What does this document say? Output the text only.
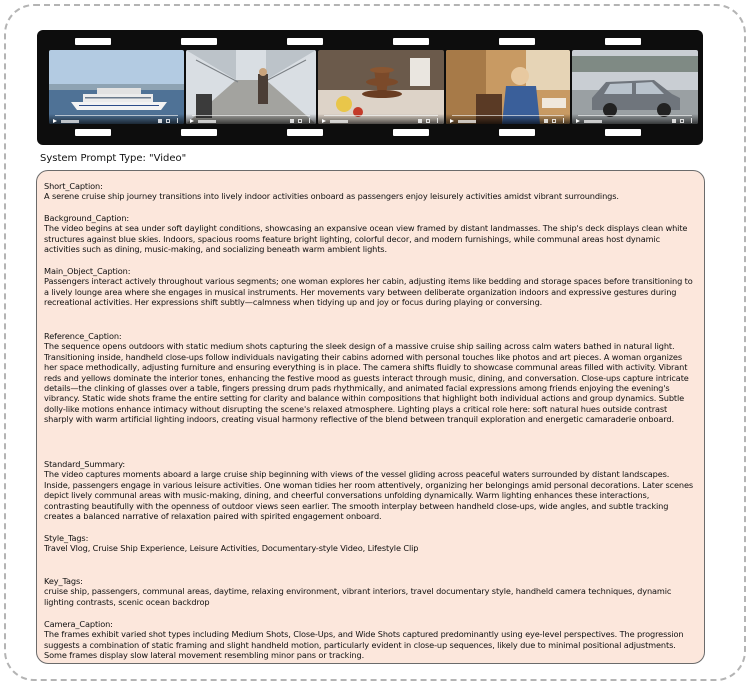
System Prompt Type: "Video"
Short_Caption:
A serene cruise ship journey transitions into lively indoor activities onboard as passengers enjoy leisurely activities amidst vibrant surroundings.
Background_Caption:
The video begins at sea under soft daylight conditions, showcasing an expansive ocean view framed by distant landmasses. The ship's deck displays clean white structures against blue skies. Indoors, spacious rooms feature bright lighting, colorful decor, and modern furnishings, while communal areas host dynamic activities such as dining, music-making, and socializing beneath warm ambient lights.
Main_Object_Caption:
Passengers interact actively throughout various segments; one woman explores her cabin, adjusting items like bedding and storage spaces before transitioning to a lively lounge area where she engages in musical instruments. Her movements vary between deliberate organization indoors and expressive gestures during recreational activities. Her expressions shift subtly—calmness when tidying up and joy or focus during playing or conversing.
Reference_Caption:
The sequence opens outdoors with static medium shots capturing the sleek design of a massive cruise ship sailing across calm waters bathed in natural light. Transitioning inside, handheld close-ups follow individuals navigating their cabins adorned with personal touches like photos and art pieces. A woman organizes her space methodically, adjusting furniture and ensuring everything is in place. The camera shifts fluidly to showcase communal areas filled with activity. Vibrant reds and yellows dominate the interior tones, enhancing the festive mood as guests interact through music, dining, and conversation. Close-ups capture intricate details—the clinking of glasses over a table, fingers pressing drum pads rhythmically, and animated facial expressions among friends enjoying the evening's vibrancy. Static wide shots frame the entire setting for clarity and balance within compositions that highlight both individual actions and group dynamics. Subtle dolly-like motions enhance intimacy without disrupting the scene's relaxed atmosphere. Lighting plays a critical role here: soft natural hues outside contrast sharply with warm artificial lighting indoors, creating visual harmony reflective of the blend between tranquil exploration and energetic camaraderie onboard.
Standard_Summary:
The video captures moments aboard a large cruise ship beginning with views of the vessel gliding across peaceful waters surrounded by distant landscapes. Inside, passengers engage in various leisure activities. One woman tidies her room attentively, organizing her belongings amid personal decorations. Later scenes depict lively communal areas with music-making, dining, and cheerful conversations unfolding dynamically. Warm lighting enhances these interactions, contrasting beautifully with the openness of outdoor views seen earlier. The smooth interplay between handheld close-ups, wide angles, and subtle tracking creates a balanced narrative of relaxation paired with spirited engagement onboard.
Style_Tags:
Travel Vlog, Cruise Ship Experience, Leisure Activities, Documentary-style Video, Lifestyle Clip
Key_Tags:
cruise ship, passengers, communal areas, daytime, relaxing environment, vibrant interiors, travel documentary style, handheld camera techniques, dynamic lighting contrasts, scenic ocean backdrop
Camera_Caption:
The frames exhibit varied shot types including Medium Shots, Close-Ups, and Wide Shots captured predominantly using eye-level perspectives. The progression suggests a combination of static framing and slight handheld motion, particularly evident in close-up sequences, likely due to minimal positional adjustments. Some frames display slow lateral movement resembling minor pans or tracking.
